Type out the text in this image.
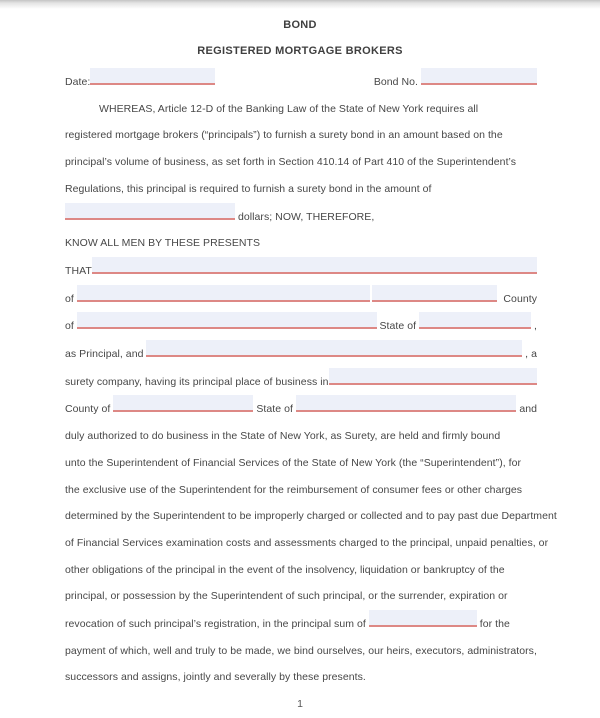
BOND
REGISTERED MORTGAGE BROKERS
Date:	Bond No.
WHEREAS, Article 12-D of the Banking Law of the State of New York requires all
registered mortgage brokers (“principals”) to furnish a surety bond in an amount based on the
principal’s volume of business, as set forth in Section 410.14 of Part 410 of the Superintendent’s
Regulations, this principal is required to furnish a surety bond in the amount of
dollars; NOW, THEREFORE,
KNOW ALL MEN BY THESE PRESENTS
THAT
of
	County
of	State of	,
as Principal, and	, a
surety company, having its principal place of business in
County of	State of	and
duly authorized to do business in the State of New York, as Surety, are held and firmly bound
unto the Superintendent of Financial Services of the State of New York (the “Superintendent”), for
the exclusive use of the Superintendent for the reimbursement of consumer fees or other charges
determined by the Superintendent to be improperly charged or collected and to pay past due Department
of Financial Services examination costs and assessments charged to the principal, unpaid penalties, or
other obligations of the principal in the event of the insolvency, liquidation or bankruptcy of the
principal, or possession by the Superintendent of such principal, or the surrender, expiration or
revocation of such principal’s registration, in the principal sum of	for the
payment of which, well and truly to be made, we bind ourselves, our heirs, executors, administrators,
successors and assigns, jointly and severally by these presents.
1
